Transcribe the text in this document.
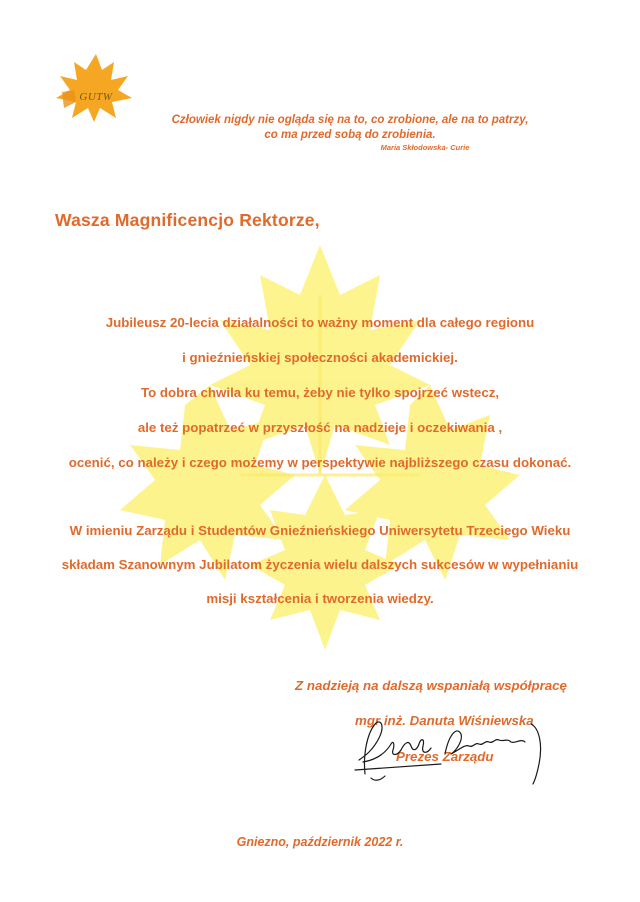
GUTW
Człowiek nigdy nie ogląda się na to, co zrobione, ale na to patrzy,
co ma przed sobą do zrobienia.
Maria Skłodowska- Curie
Wasza Magnificencjo Rektorze,
Jubileusz 20-lecia działalności to ważny moment dla całego regionu
i gnieźnieńskiej społeczności akademickiej.
To dobra chwila ku temu, żeby nie tylko spojrzeć wstecz,
ale też popatrzeć w przyszłość na nadzieje i oczekiwania ,
ocenić, co należy i czego możemy w perspektywie najbliższego czasu dokonać.
W imieniu Zarządu i Studentów Gnieźnieńskiego Uniwersytetu Trzeciego Wieku
składam Szanownym Jubilatom życzenia wielu dalszych sukcesów w wypełnianiu
misji kształcenia i tworzenia wiedzy.
Z nadzieją na dalszą wspaniałą współpracę
mgr inż. Danuta Wiśniewska
Prezes Zarządu
Gniezno, październik 2022 r.
